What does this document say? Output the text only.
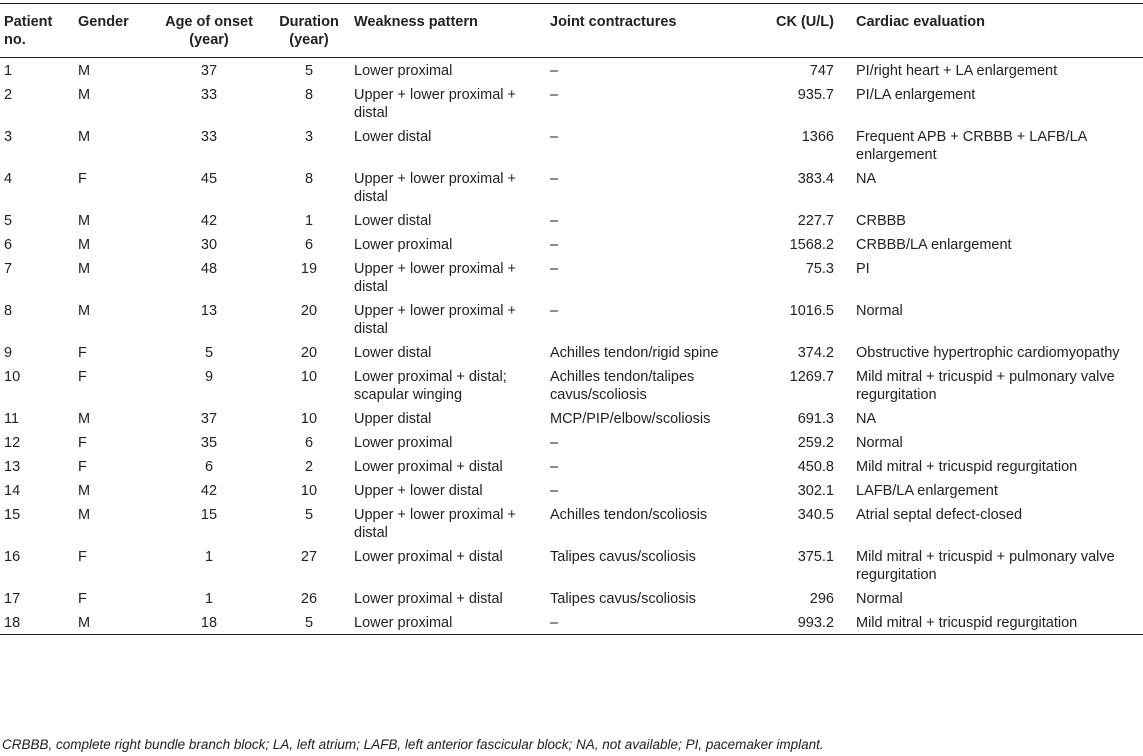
Patient no.	Gender	Age of onset (year)	Duration (year)	Weakness pattern	Joint contractures	CK (U/L)	Cardiac evaluation
1	M	37	5	Lower proximal	–	747	PI/right heart + LA enlargement
2	M	33	8	Upper + lower proximal + distal	–	935.7	PI/LA enlargement
3	M	33	3	Lower distal	–	1366	Frequent APB + CRBBB + LAFB/LA enlargement
4	F	45	8	Upper + lower proximal + distal	–	383.4	NA
5	M	42	1	Lower distal	–	227.7	CRBBB
6	M	30	6	Lower proximal	–	1568.2	CRBBB/LA enlargement
7	M	48	19	Upper + lower proximal + distal	–	75.3	PI
8	M	13	20	Upper + lower proximal + distal	–	1016.5	Normal
9	F	5	20	Lower distal	Achilles tendon/rigid spine	374.2	Obstructive hypertrophic cardiomyopathy
10	F	9	10	Lower proximal + distal; scapular winging	Achilles tendon/talipes cavus/scoliosis	1269.7	Mild mitral + tricuspid + pulmonary valve regurgitation
11	M	37	10	Upper distal	MCP/PIP/elbow/scoliosis	691.3	NA
12	F	35	6	Lower proximal	–	259.2	Normal
13	F	6	2	Lower proximal + distal	–	450.8	Mild mitral + tricuspid regurgitation
14	M	42	10	Upper + lower distal	–	302.1	LAFB/LA enlargement
15	M	15	5	Upper + lower proximal + distal	Achilles tendon/scoliosis	340.5	Atrial septal defect-closed
16	F	1	27	Lower proximal + distal	Talipes cavus/scoliosis	375.1	Mild mitral + tricuspid + pulmonary valve regurgitation
17	F	1	26	Lower proximal + distal	Talipes cavus/scoliosis	296	Normal
18	M	18	5	Lower proximal	–	993.2	Mild mitral + tricuspid regurgitation
CRBBB, complete right bundle branch block; LA, left atrium; LAFB, left anterior fascicular block; NA, not available; PI, pacemaker implant.
